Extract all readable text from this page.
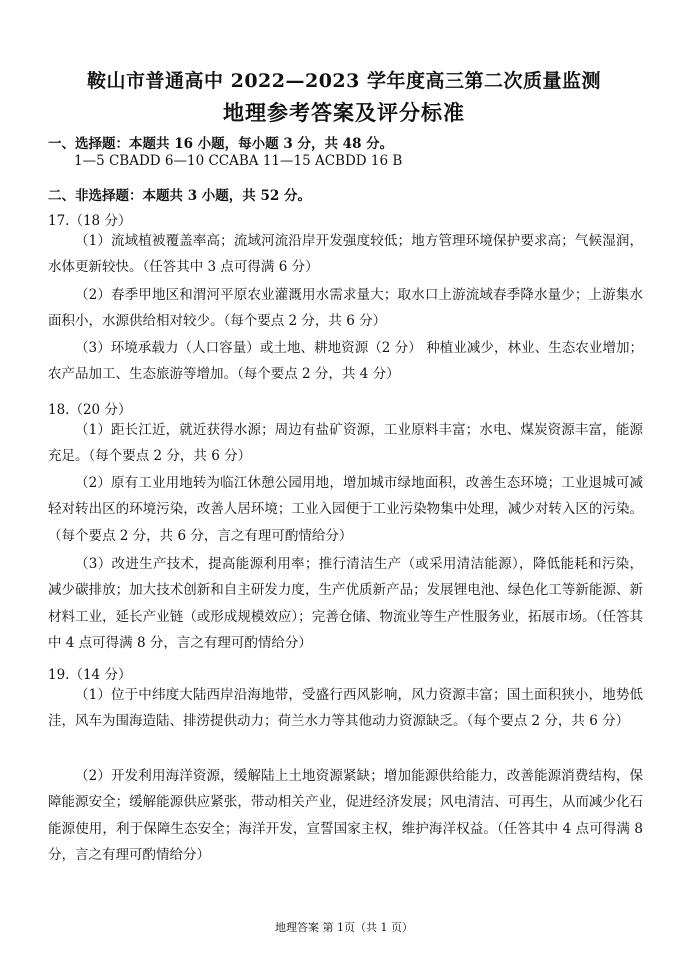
鞍山市普通高中 2022—2023 学年度高三第二次质量监测
地理参考答案及评分标准
一、选择题：本题共 16 小题，每小题 3 分，共 48 分。
1—5 CBADD 6—10 CCABA 11—15 ACBDD 16 B
二、非选择题：本题共 3 小题，共 52 分。
17.（18 分）
（1）流域植被覆盖率高；流域河流沿岸开发强度较低；地方管理环境保护要求高；气候湿润，水体更新较快。（任答其中 3 点可得满 6 分）
（2）春季甲地区和渭河平原农业灌溉用水需求量大；取水口上游流域春季降水量少；上游集水面积小，水源供给相对较少。（每个要点 2 分，共 6 分）
（3）环境承载力（人口容量）或土地、耕地资源（2 分） 种植业减少，林业、生态农业增加；农产品加工、生态旅游等增加。（每个要点 2 分，共 4 分）
18.（20 分）
（1）距长江近，就近获得水源；周边有盐矿资源，工业原料丰富；水电、煤炭资源丰富，能源充足。（每个要点 2 分，共 6 分）
（2）原有工业用地转为临江休憩公园用地，增加城市绿地面积，改善生态环境；工业退城可减轻对转出区的环境污染，改善人居环境；工业入园便于工业污染物集中处理，减少对转入区的污染。（每个要点 2 分，共 6 分，言之有理可酌情给分）
（3）改进生产技术，提高能源利用率；推行清洁生产（或采用清洁能源），降低能耗和污染，减少碳排放；加大技术创新和自主研发力度，生产优质新产品；发展锂电池、绿色化工等新能源、新材料工业，延长产业链（或形成规模效应）；完善仓储、物流业等生产性服务业，拓展市场。（任答其中 4 点可得满 8 分，言之有理可酌情给分）
19.（14 分）
（1）位于中纬度大陆西岸沿海地带，受盛行西风影响，风力资源丰富；国土面积狭小，地势低洼，风车为围海造陆、排涝提供动力；荷兰水力等其他动力资源缺乏。（每个要点 2 分，共 6 分）
（2）开发利用海洋资源，缓解陆上土地资源紧缺；增加能源供给能力，改善能源消费结构，保障能源安全；缓解能源供应紧张，带动相关产业，促进经济发展；风电清洁、可再生，从而减少化石能源使用，利于保障生态安全；海洋开发，宣誓国家主权，维护海洋权益。（任答其中 4 点可得满 8 分，言之有理可酌情给分）
地理答案 第 1页（共 1 页）
